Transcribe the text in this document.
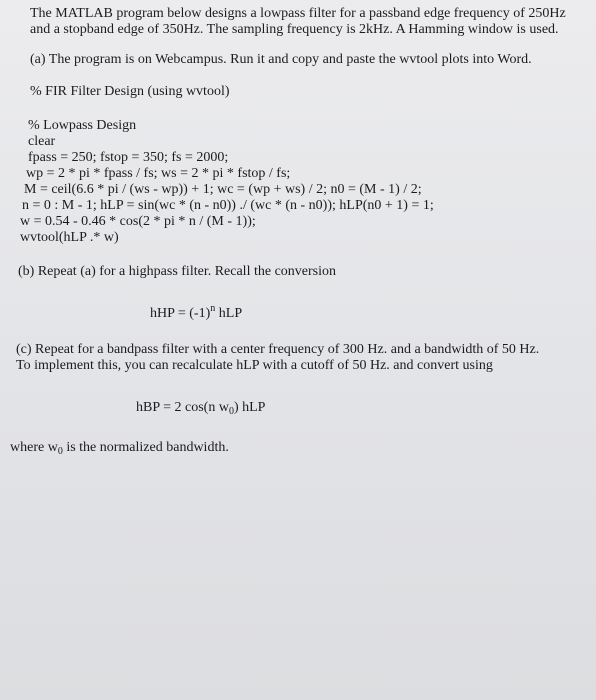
The MATLAB program below designs a lowpass filter for a passband edge frequency of 250Hz

and a stopband edge of 350Hz. The sampling frequency is 2kHz. A Hamming window is used.

(a) The program is on Webcampus. Run it and copy and paste the wvtool plots into Word.

% FIR Filter Design (using wvtool)

% Lowpass Design

clear

fpass = 250; fstop = 350; fs = 2000;

wp = 2 * pi * fpass / fs; ws = 2 * pi * fstop / fs;

M = ceil(6.6 * pi / (ws - wp)) + 1; wc = (wp + ws) / 2; n0 = (M - 1) / 2;

n = 0 : M - 1; hLP = sin(wc * (n - n0)) ./ (wc * (n - n0)); hLP(n0 + 1) = 1;

w = 0.54 - 0.46 * cos(2 * pi * n / (M - 1));

wvtool(hLP .* w)

(b) Repeat (a) for a highpass filter. Recall the conversion

hHP = $(-1)^n$ hLP

(c) Repeat for a bandpass filter with a center frequency of 300 Hz. and a bandwidth of 50 Hz.

To implement this, you can recalculate hLP with a cutoff of 50 Hz. and convert using

hBP = 2 cos(n $w_0$) hLP

where $w_0$ is the normalized bandwidth.
